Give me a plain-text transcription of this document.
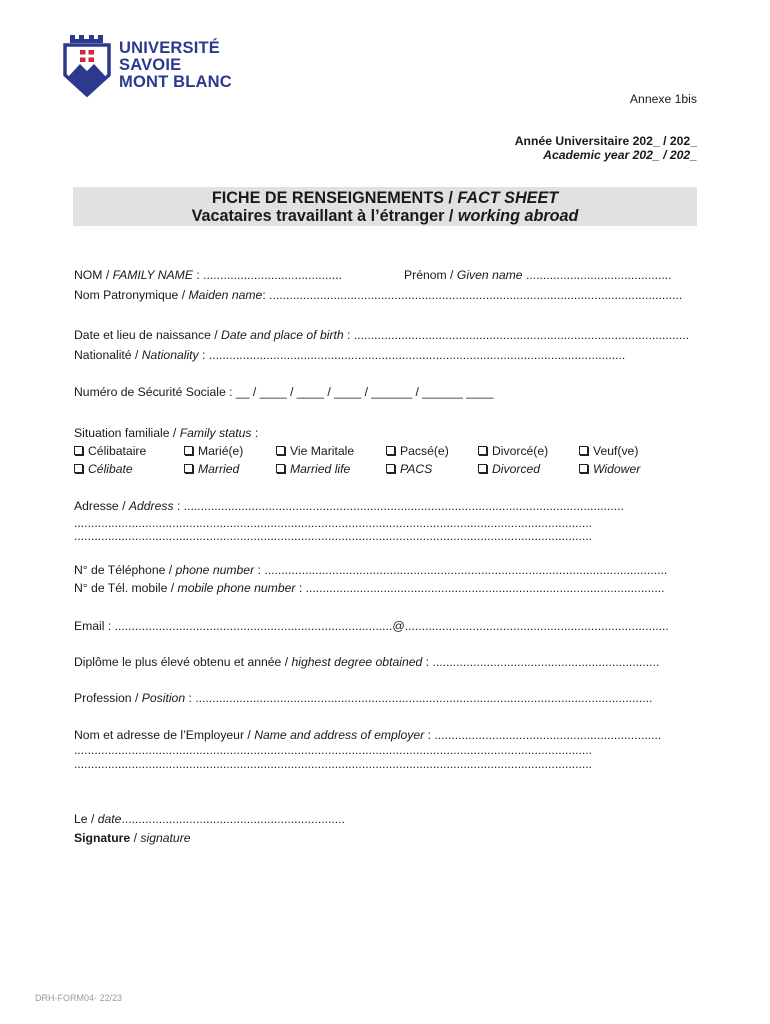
UNIVERSITÉ
SAVOIE
MONT BLANC
Annexe 1bis
Année Universitaire 202_ / 202_
Academic year 202_ / 202_
FICHE DE RENSEIGNEMENTS / FACT SHEET
Vacataires travaillant à l’étranger / working abroad
NOM / FAMILY NAME : .........................................	Prénom / Given name ...........................................
Nom Patronymique / Maiden name: ..........................................................................................................................
Date et lieu de naissance / Date and place of birth : ...................................................................................................
Nationalité / Nationality : ...........................................................................................................................
Numéro de Sécurité Sociale : __ / ____ / ____ / ____ / ______ / ______ ____
Situation familiale / Family status :
Célibataire	Marié(e)	Vie Maritale	Pacsé(e)	Divorcé(e)	Veuf(ve)
Célibate	Married	Married life	PACS	Divorced	Widower
Adresse / Address : ..................................................................................................................................
.........................................................................................................................................................
.........................................................................................................................................................
N° de Téléphone / phone number : .......................................................................................................................
N° de Tél. mobile / mobile phone number : ..........................................................................................................
Email : ..................................................................................@..............................................................................
Diplôme le plus élevé obtenu et année / highest degree obtained : ...................................................................
Profession / Position : .......................................................................................................................................
Nom et adresse de l’Employeur / Name and address of employer : ...................................................................
.........................................................................................................................................................
.........................................................................................................................................................
Le / date..................................................................
Signature / signature
DRH-FORM04- 22/23
